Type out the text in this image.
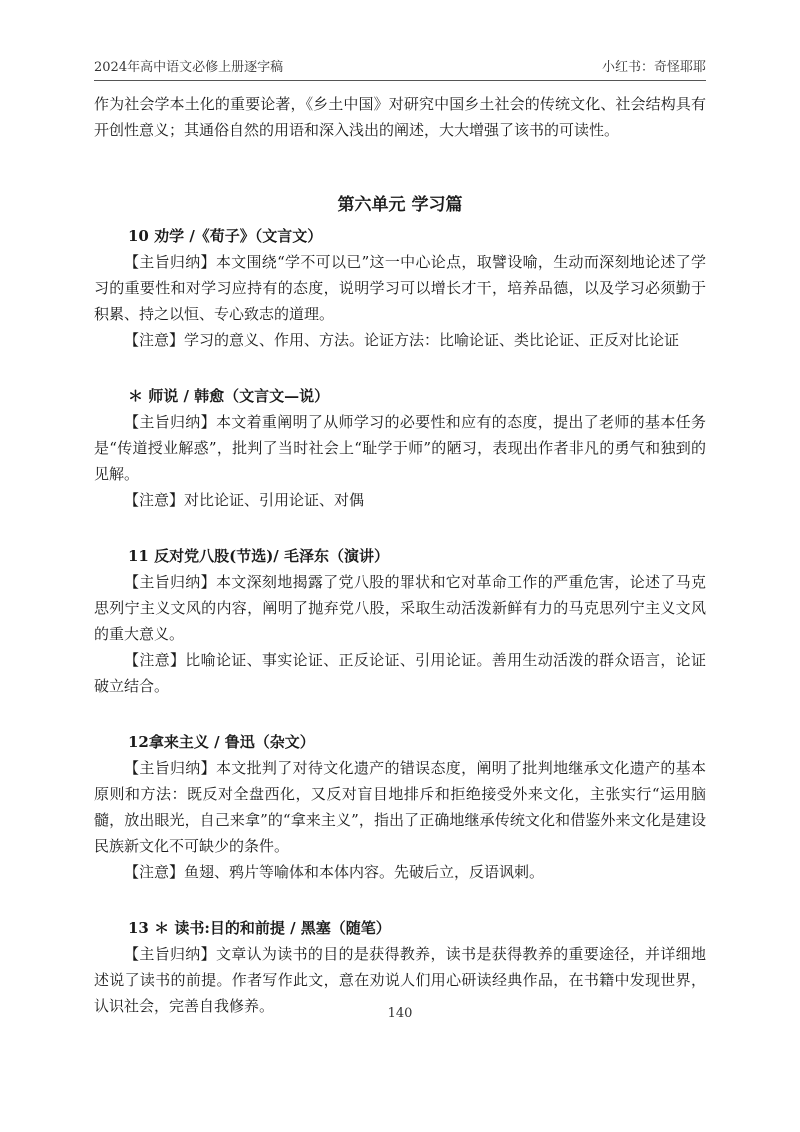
2024年高中语文必修上册逐字稿	小红书：奇怪耶耶

作为社会学本土化的重要论著，《乡土中国》对研究中国乡土社会的传统文化、社会结构具有开创性意义；其通俗自然的用语和深入浅出的阐述，大大增强了该书的可读性。

第六单元 学习篇

10 劝学 /《荀子》（文言文）

【主旨归纳】本文围绕“学不可以已”这一中心论点，取譬设喻，生动而深刻地论述了学习的重要性和对学习应持有的态度，说明学习可以增长才干，培养品德，以及学习必须勤于积累、持之以恒、专心致志的道理。

【注意】学习的意义、作用、方法。论证方法：比喻论证、类比论证、正反对比论证

＊ 师说 / 韩愈（文言文—说）

【主旨归纳】本文着重阐明了从师学习的必要性和应有的态度，提出了老师的基本任务是“传道授业解惑”，批判了当时社会上“耻学于师”的陋习，表现出作者非凡的勇气和独到的见解。

【注意】对比论证、引用论证、对偶

11 反对党八股(节选)/ 毛泽东（演讲）

【主旨归纳】本文深刻地揭露了党八股的罪状和它对革命工作的严重危害，论述了马克思列宁主义文风的内容，阐明了抛弃党八股，采取生动活泼新鲜有力的马克思列宁主义文风的重大意义。

【注意】比喻论证、事实论证、正反论证、引用论证。善用生动活泼的群众语言，论证破立结合。

12拿来主义 / 鲁迅（杂文）

【主旨归纳】本文批判了对待文化遗产的错误态度，阐明了批判地继承文化遗产的基本原则和方法：既反对全盘西化，又反对盲目地排斥和拒绝接受外来文化，主张实行“运用脑髓，放出眼光，自己来拿”的“拿来主义”，指出了正确地继承传统文化和借鉴外来文化是建设民族新文化不可缺少的条件。

【注意】鱼翅、鸦片等喻体和本体内容。先破后立，反语讽刺。

13 ＊ 读书:目的和前提 / 黑塞（随笔）

【主旨归纳】文章认为读书的目的是获得教养，读书是获得教养的重要途径，并详细地述说了读书的前提。作者写作此文，意在劝说人们用心研读经典作品，在书籍中发现世界，认识社会，完善自我修养。	140
